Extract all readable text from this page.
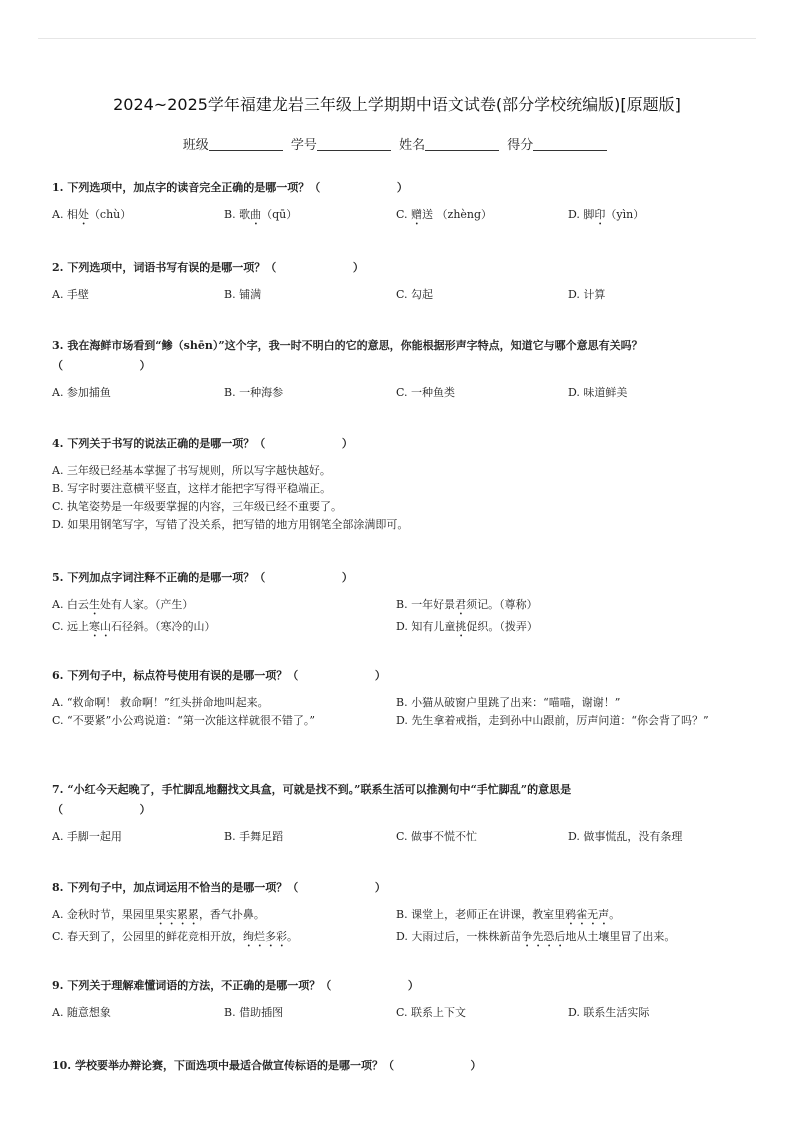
2024~2025学年福建龙岩三年级上学期期中语文试卷(部分学校统编版)[原题版]
班级	学号	姓名	得分
1. 下列选项中，加点字的读音完全正确的是哪一项？（                    ）
A. 相处（chù）	B. 歌曲（qū）	C. 赠送 （zhèng）	D. 脚印（yìn）
2. 下列选项中，词语书写有误的是哪一项？（                    ）
A. 手壁	B. 铺满	C. 勾起	D. 计算
3. 我在海鲜市场看到“鲹（shēn）”这个字，我一时不明白的它的意思，你能根据形声字特点，知道它与哪个意思有关吗？
（                    ）
A. 参加捕鱼	B. 一种海参	C. 一种鱼类	D. 味道鲜美
4. 下列关于书写的说法正确的是哪一项？（                    ）
A. 三年级已经基本掌握了书写规则，所以写字越快越好。
B. 写字时要注意横平竖直，这样才能把字写得平稳端正。
C. 执笔姿势是一年级要掌握的内容，三年级已经不重要了。
D. 如果用钢笔写字，写错了没关系，把写错的地方用钢笔全部涂满即可。
5. 下列加点字词注释不正确的是哪一项？（                    ）
A. 白云生处有人家。（产生）	B. 一年好景君须记。（尊称）
C. 远上寒山石径斜。（寒冷的山）	D. 知有儿童挑促织。（拨弄）
6. 下列句子中，标点符号使用有误的是哪一项？（                    ）
A. “救命啊！ 救命啊！”红头拼命地叫起来。	B. 小猫从破窗户里跳了出来：“喵喵，谢谢！”
C. “不要紧”小公鸡说道：“第一次能这样就很不错了。”	D. 先生拿着戒指，走到孙中山跟前，厉声问道：“你会背了吗？”
7. “小红今天起晚了，手忙脚乱地翻找文具盒，可就是找不到。”联系生活可以推测句中“手忙脚乱”的意思是
（                    ）
A. 手脚一起用	B. 手舞足蹈	C. 做事不慌不忙	D. 做事慌乱，没有条理
8. 下列句子中，加点词运用不恰当的是哪一项？（                    ）
A. 金秋时节，果园里果实累累，香气扑鼻。	B. 课堂上，老师正在讲课，教室里鸦雀无声。
C. 春天到了，公园里的鲜花竞相开放，绚烂多彩。	D. 大雨过后，一株株新苗争先恐后地从土壤里冒了出来。
9. 下列关于理解难懂词语的方法，不正确的是哪一项？（                    ）
A. 随意想象	B. 借助插图	C. 联系上下文	D. 联系生活实际
10. 学校要举办辩论赛，下面选项中最适合做宣传标语的是哪一项？（                    ）
